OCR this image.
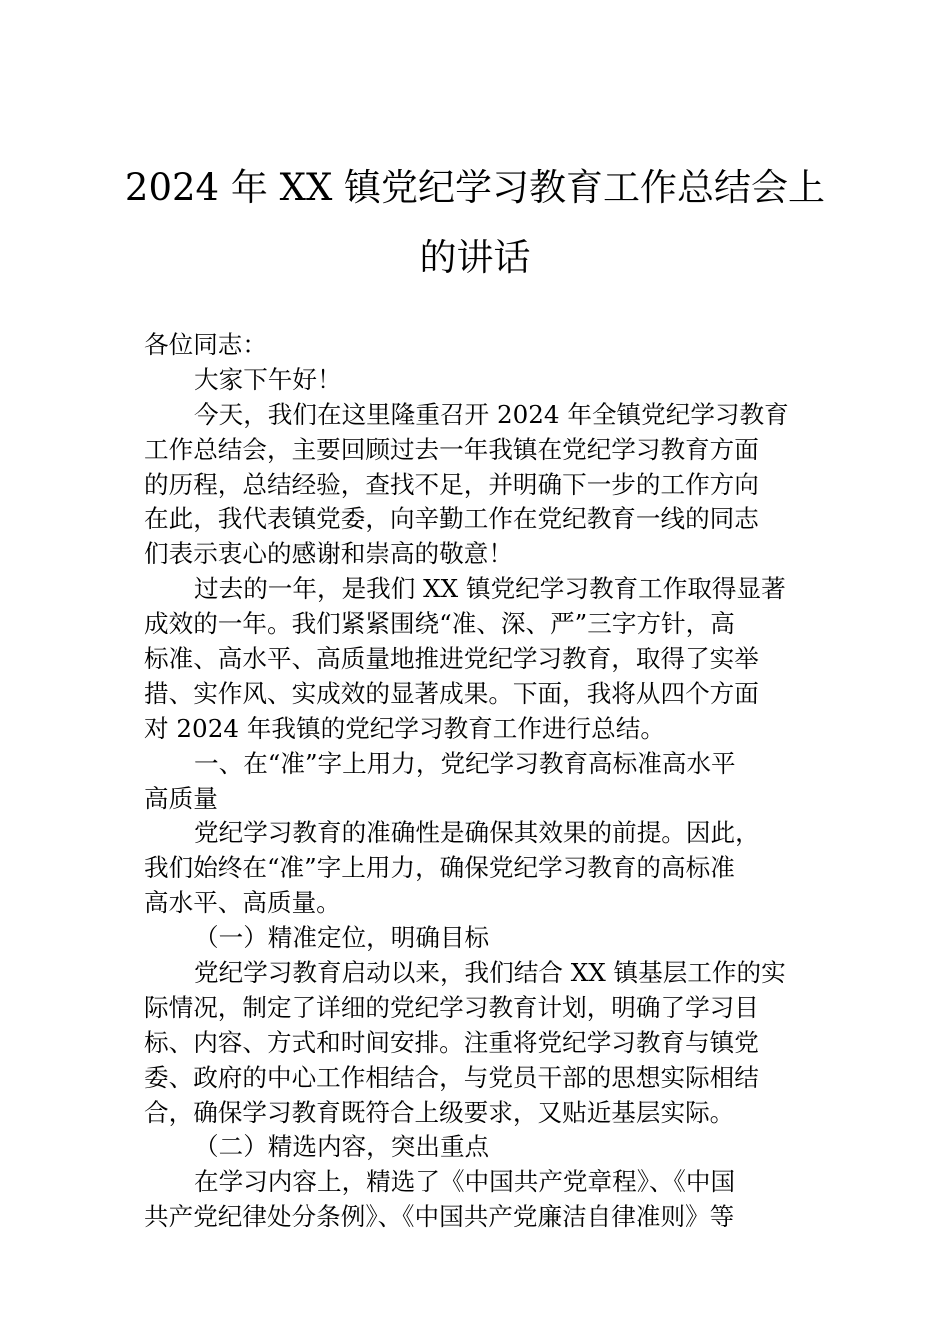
2024 年 XX 镇党纪学习教育工作总结会上
的讲话
各位同志：
大家下午好！
今天，我们在这里隆重召开 2024 年全镇党纪学习教育
工作总结会，主要回顾过去一年我镇在党纪学习教育方面
的历程，总结经验，查找不足，并明确下一步的工作方向
在此，我代表镇党委，向辛勤工作在党纪教育一线的同志
们表示衷心的感谢和崇高的敬意！
过去的一年，是我们 XX 镇党纪学习教育工作取得显著
成效的一年。我们紧紧围绕“准、深、严”三字方针，高
标准、高水平、高质量地推进党纪学习教育，取得了实举
措、实作风、实成效的显著成果。下面，我将从四个方面
对 2024 年我镇的党纪学习教育工作进行总结。
一、在“准”字上用力，党纪学习教育高标准高水平
高质量
党纪学习教育的准确性是确保其效果的前提。因此，
我们始终在“准”字上用力，确保党纪学习教育的高标准
高水平、高质量。
（一）精准定位，明确目标
党纪学习教育启动以来，我们结合 XX 镇基层工作的实
际情况，制定了详细的党纪学习教育计划，明确了学习目
标、内容、方式和时间安排。注重将党纪学习教育与镇党
委、政府的中心工作相结合，与党员干部的思想实际相结
合，确保学习教育既符合上级要求，又贴近基层实际。
（二）精选内容，突出重点
在学习内容上，精选了《中国共产党章程》、《中国
共产党纪律处分条例》、《中国共产党廉洁自律准则》等
